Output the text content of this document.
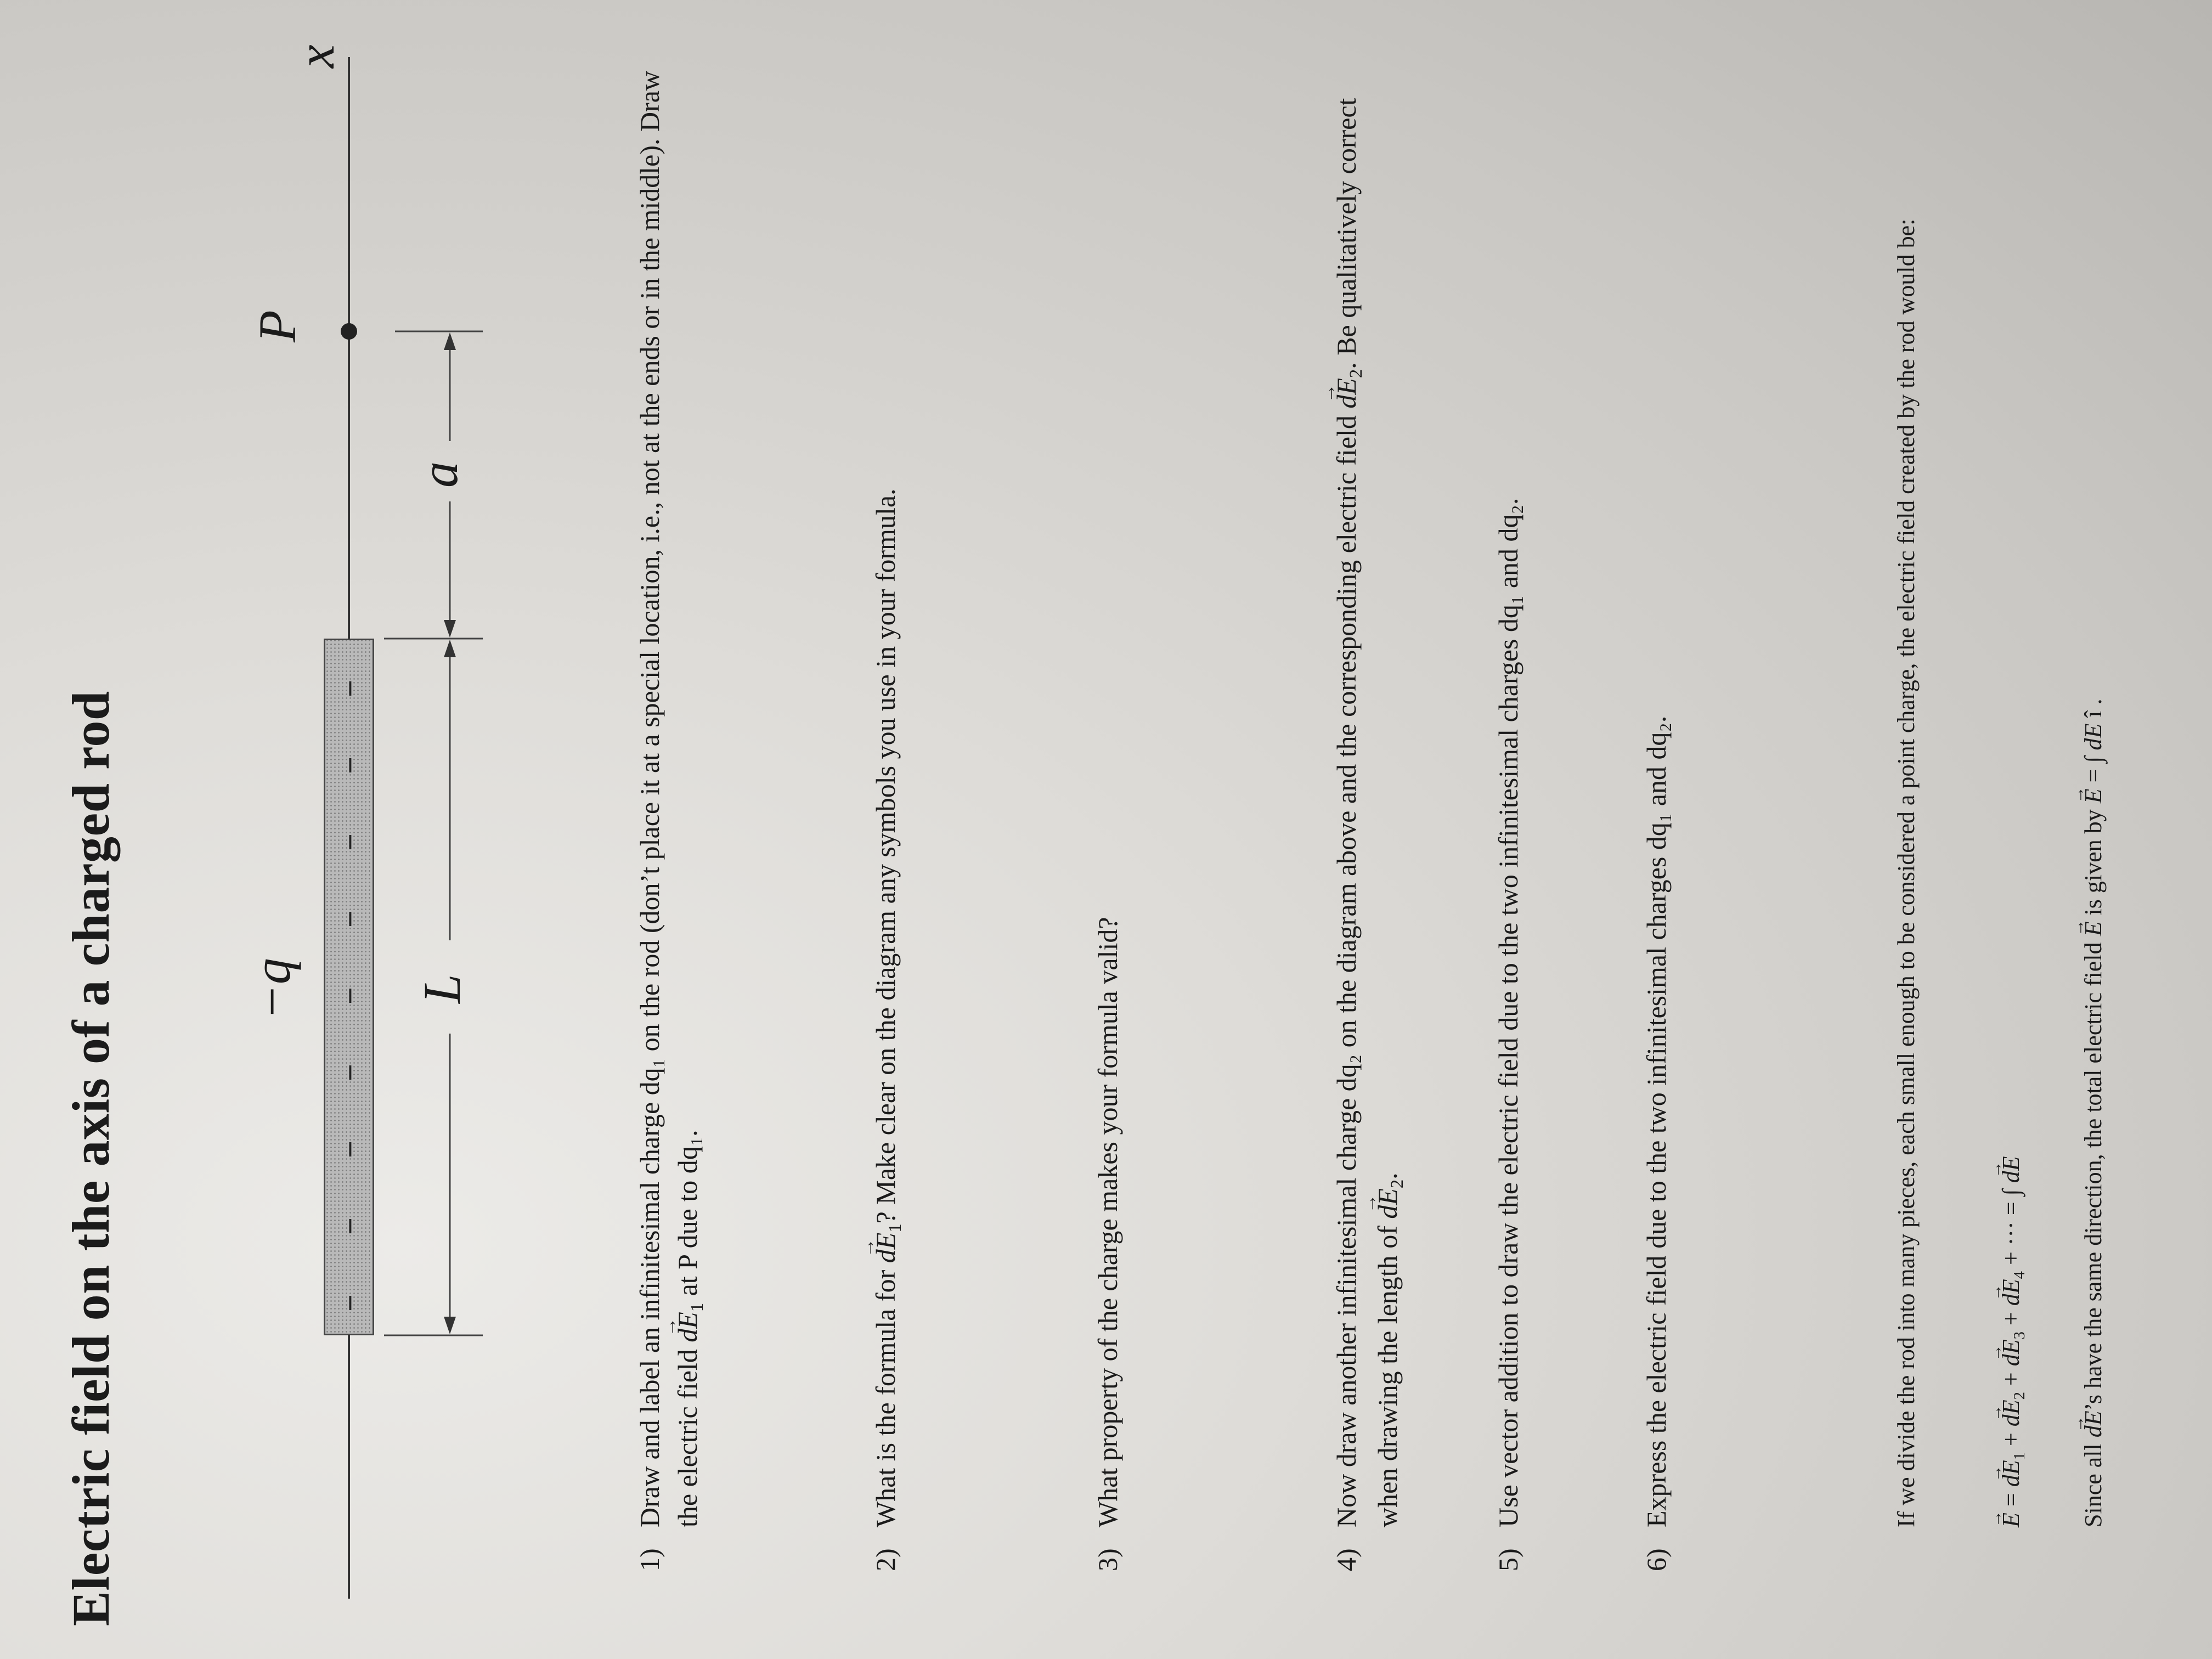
Electric field on the axis of a charged rod	−
−
−
−
−
−
−
−
−
−q
P
x
L
a
1)
Draw and label an infinitesimal charge dq₁ on the rod (don’t place it at a special location, i.e., not at the ends or in the middle). Draw the electric field → $dE_1$ at P due to dq₁.
2)
What is the formula for → $dE_1$? Make clear on the diagram any symbols you use in your formula.
3)
What property of the charge makes your formula valid?
4)
Now draw another infinitesimal charge dq₂ on the diagram above and the corresponding electric field → $dE_2$. Be qualitatively correct when drawing the length of → $dE_2$.
5)
Use vector addition to draw the electric field due to the two infinitesimal charges dq₁ and dq₂.
6)
Express the electric field due to the two infinitesimal charges dq₁ and dq₂.	If we divide the rod into many pieces, each small enough to be considered a point charge, the electric field created by the rod would be:
→	E = → $dE_1$ + → $dE_2$ + → $dE_3$ + → $dE_4$ + ··· = ∫ → dE
Since all → dE’s have the same direction, the total electric field → E is given by → E = ∫ dE î .
